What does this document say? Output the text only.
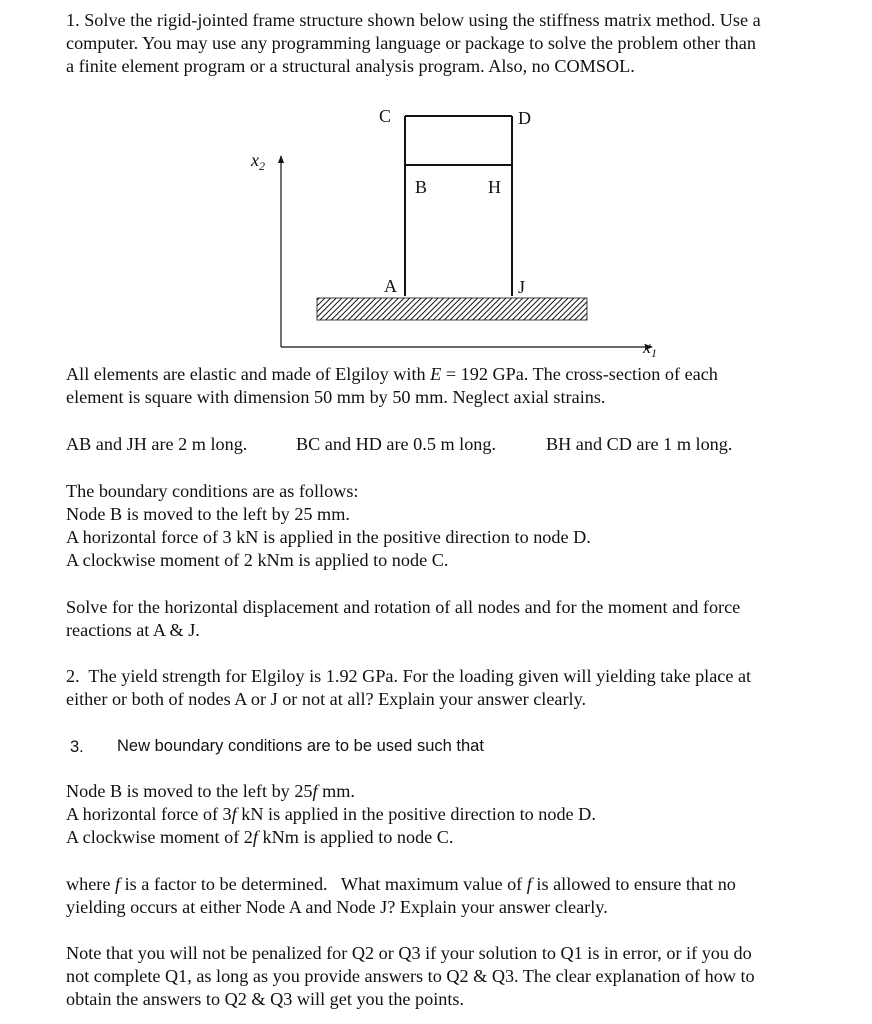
1. Solve the rigid-jointed frame structure shown below using the stiffness matrix method. Use a
computer. You may use any programming language or package to solve the problem other than
a finite element program or a structural analysis program. Also, no COMSOL.
C	D
B	H
A	J
$x_2$
$x_1$
All elements are elastic and made of Elgiloy with E = 192 GPa. The cross-section of each
element is square with dimension 50 mm by 50 mm. Neglect axial strains.
AB and JH are 2 m long.	BC and HD are 0.5 m long.	BH and CD are 1 m long.
The boundary conditions are as follows:
Node B is moved to the left by 25 mm.
A horizontal force of 3 kN is applied in the positive direction to node D.
A clockwise moment of 2 kNm is applied to node C.
Solve for the horizontal displacement and rotation of all nodes and for the moment and force
reactions at A & J.
2.  The yield strength for Elgiloy is 1.92 GPa. For the loading given will yielding take place at
either or both of nodes A or J or not at all? Explain your answer clearly.
3. New boundary conditions are to be used such that
Node B is moved to the left by 25f mm.
A horizontal force of 3f kN is applied in the positive direction to node D.
A clockwise moment of 2f kNm is applied to node C.
where f is a factor to be determined.   What maximum value of f is allowed to ensure that no
yielding occurs at either Node A and Node J? Explain your answer clearly.
Note that you will not be penalized for Q2 or Q3 if your solution to Q1 is in error, or if you do
not complete Q1, as long as you provide answers to Q2 & Q3. The clear explanation of how to
obtain the answers to Q2 & Q3 will get you the points.
